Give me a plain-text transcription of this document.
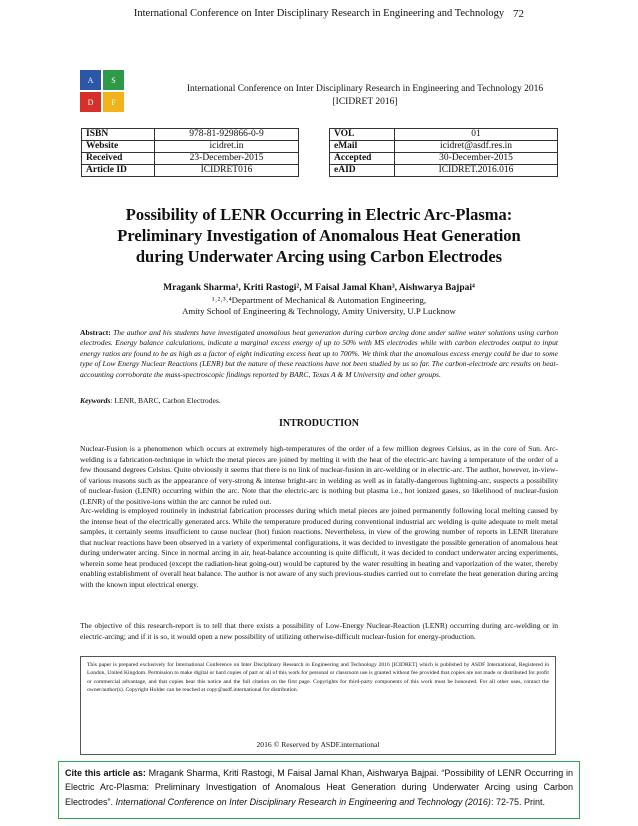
International Conference on Inter Disciplinary Research in Engineering and Technology 72
A	S
D	F
International Conference on Inter Disciplinary Research in Engineering and Technology 2016
[ICIDRET 2016]
ISBN	978-81-929866-0-9
Website	icidret.in
Received	23-December-2015
Article ID	ICIDRET016
VOL	01
eMail	icidret@asdf.res.in
Accepted	30-December-2015
eAID	ICIDRET.2016.016
Possibility of LENR Occurring in Electric Arc-Plasma:
Preliminary Investigation of Anomalous Heat Generation
during Underwater Arcing using Carbon Electrodes
Mragank Sharma¹, Kriti Rastogi², M Faisal Jamal Khan³, Aishwarya Bajpai⁴
¹˒²˒³˒⁴Department of Mechanical & Automation Engineering,
Amity School of Engineering & Technology, Amity University, U.P Lucknow
Abstract: The author and his students have investigated anomalous heat generation during carbon arcing done under saline water solutions using carbon electrodes. Energy balance calculations, indicate a marginal excess energy of up to 50% with MS electrodes while with carbon electrodes output to input energy ratios are found to be as high as a factor of eight indicating excess heat up to 700%. We think that the anomalous excess energy could be due to some type of Low Energy Nuclear Reactions (LENR) but the nature of these reactions have not been studied by us so far. The carbon-electrode arc results on heat-accounting corroborate the mass-spectroscopic findings reported by BARC, Texas A & M University and other groups.
Keywords: LENR, BARC, Carbon Electrodes.
INTRODUCTION

Nuclear-Fusion is a phenomenon which occurs at extremely high-temperatures of the order of a few million degrees Celsius, as in the core of Sun. Arc-welding is a fabrication-technique in which the metal pieces are joined by melting it with the heat of the electric-arc having a temperature of the order of a few thousand degrees Celsius. Quite obviously it seems that there is no link of nuclear-fusion in arc-welding or in electric-arc. The author, however, in-view-of various reasons such as the appearance of very-strong & intense bright-arc in welding as well as in fatally-dangerous lightning-arc, suspects a possibility of nuclear-fusion (LENR) occurring within the arc. Note that the electric-arc is nothing but plasma i.e., hot ionized gases, so likelihood of nuclear-fusion (LENR) of the positive-ions within the arc cannot be ruled out.

Arc-welding is employed routinely in industrial fabrication processes during which metal pieces are joined permanently following local melting caused by the intense heat of the electrically generated arcs. While the temperature produced during conventional industrial arc welding is quite adequate to melt metal samples, it certainly seems insufficient to cause nuclear (hot) fusion reactions. Nevertheless, in view of the growing number of reports in LENR literature that nuclear reactions have been observed in a variety of experimental configurations, it was decided to investigate the possible generation of anomalous heat during underwater arcing. Since in normal arcing in air, heat-balance accounting is quite difficult, it was decided to conduct underwater arcing experiments, wherein some heat produced (except the radiation-heat going-out) would be captured by the water resulting in heating and vaporization of the water, thereby enabling establishment of overall heat balance. The author is not aware of any such previous-studies carried out to correlate the heat generation during arcing with the known input electrical energy.

The objective of this research-report is to tell that there exists a possibility of Low-Energy Nuclear-Reaction (LENR) occurring during arc-welding or in electric-arcing; and if it is so, it would open a new possibility of utilizing otherwise-difficult nuclear-fusion for energy-production.

This paper is prepared exclusively for International Conference on Inter Disciplinary Research in Engineering and Technology 2016 [ICIDRET] which is published by ASDF International, Registered in London, United Kingdom. Permission to make digital or hard copies of part or all of this work for personal or classroom use is granted without fee provided that copies are not made or distributed for profit or commercial advantage, and that copies bear this notice and the full citation on the first page. Copyrights for third-party components of this work must be honoured. For all other uses, contact the owner/author(s). Copyright Holder can be reached at copy@asdf.international for distribution.
2016 © Reserved by ASDF.international
Cite this article as: Mragank Sharma, Kriti Rastogi, M Faisal Jamal Khan, Aishwarya Bajpai. “Possibility of LENR Occurring in Electric Arc-Plasma: Preliminary Investigation of Anomalous Heat Generation during Underwater Arcing using Carbon Electrodes”. International Conference on Inter Disciplinary Research in Engineering and Technology (2016): 72-75. Print.
